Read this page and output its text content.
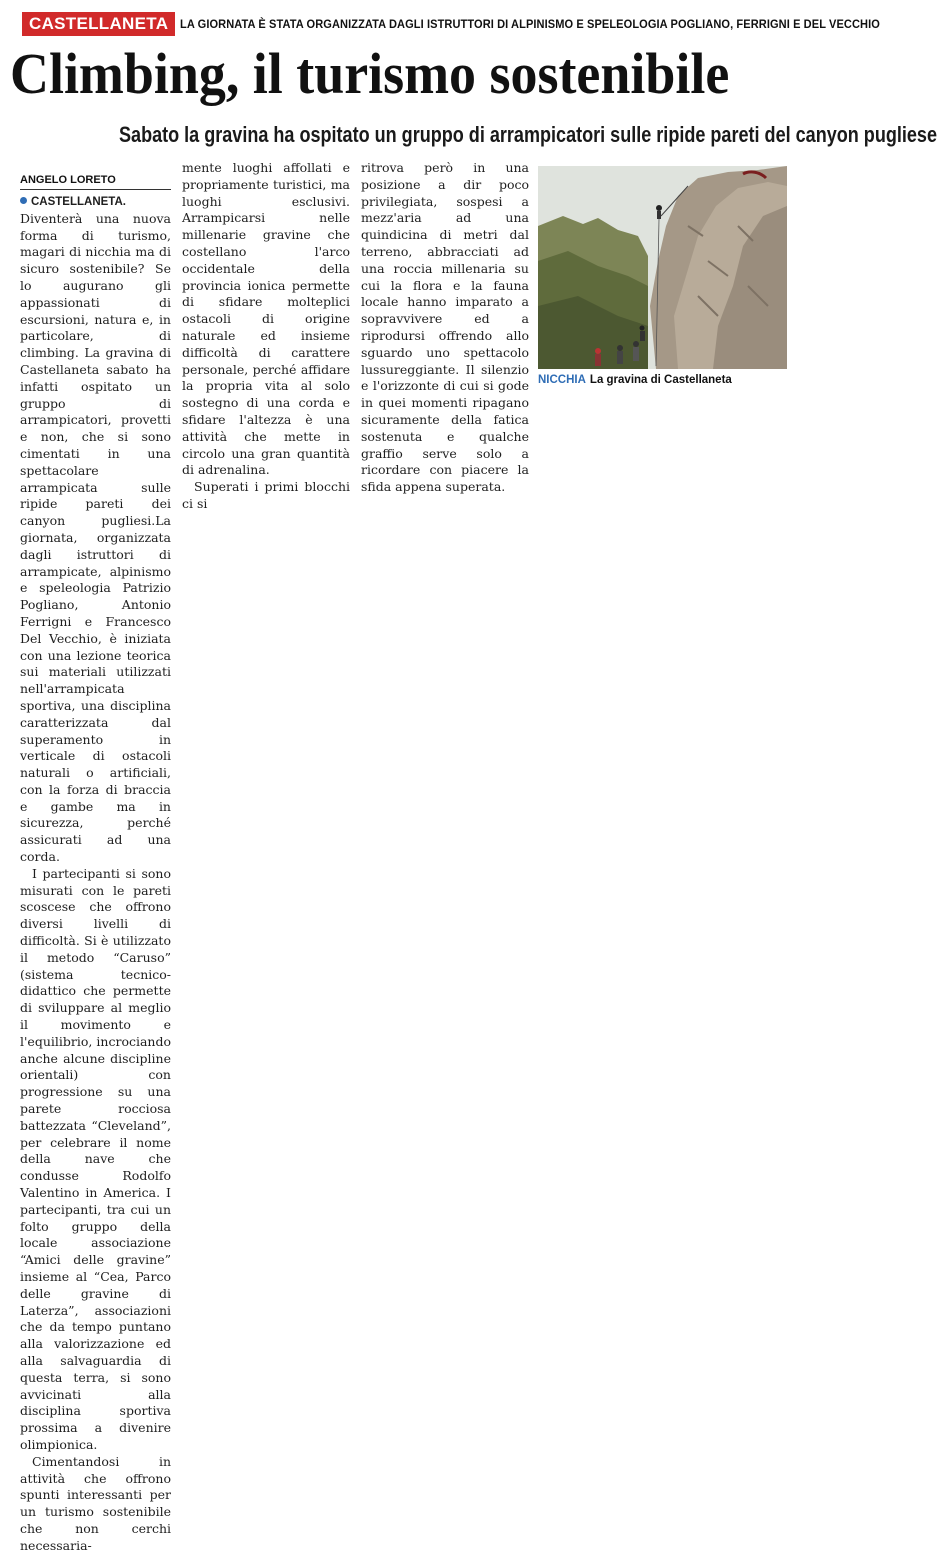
CASTELLANETA LA GIORNATA È STATA ORGANIZZATA DAGLI ISTRUTTORI DI ALPINISMO E SPELEOLOGIA POGLIANO, FERRIGNI E DEL VECCHIO
Climbing, il turismo sostenibile
Sabato la gravina ha ospitato un gruppo di arrampicatori sulle ripide pareti del canyon pugliese
ANGELO LORETO

CASTELLANETA. Diventerà una nuova forma di turismo, magari di nicchia ma di sicuro sostenibile? Se lo augurano gli appassionati di escursioni, natura e, in particolare, di climbing. La gravina di Castellaneta sabato ha infatti ospitato un gruppo di arrampicatori, provetti e non, che si sono cimentati in una spettacolare arrampicata sulle ripide pareti dei canyon pugliesi.La giornata, organizzata dagli istruttori di arrampicate, alpinismo e speleologia Patrizio Pogliano, Antonio Ferrigni e Francesco Del Vecchio, è iniziata con una lezione teorica sui materiali utilizzati nell'arrampicata sportiva, una disciplina caratterizzata dal superamento in verticale di ostacoli naturali o artificiali, con la forza di braccia e gambe ma in sicurezza, perché assicurati ad una corda.

I partecipanti si sono misurati con le pareti scoscese che offrono diversi livelli di difficoltà. Si è utilizzato il metodo “Caruso” (sistema tecnico-didattico che permette di sviluppare al meglio il movimento e l'equilibrio, incrociando anche alcune discipline orientali) con progressione su una parete rocciosa battezzata “Cleveland”, per celebrare il nome della nave che condusse Rodolfo Valentino in America. I partecipanti, tra cui un folto gruppo della locale associazione “Amici delle gravine” insieme al “Cea, Parco delle gravine di Laterza”, associazioni che da tempo puntano alla valorizzazione ed alla salvaguardia di questa terra, si sono avvicinati alla disciplina sportiva prossima a divenire olimpionica.

Cimentandosi in attività che offrono spunti interessanti per un turismo sostenibile che non cerchi necessaria-

mente luoghi affollati e propriamente turistici, ma luoghi esclusivi. Arrampicarsi nelle millenarie gravine che costellano l'arco occidentale della provincia ionica permette di sfidare molteplici ostacoli di origine naturale ed insieme difficoltà di carattere personale, perché affidare la propria vita al solo sostegno di una corda e sfidare l'altezza è una attività che mette in circolo una gran quantità di adrenalina.

Superati i primi blocchi ci si

ritrova però in una posizione a dir poco privilegiata, sospesi a mezz'aria ad una quindicina di metri dal terreno, abbracciati ad una roccia millenaria su cui la flora e la fauna locale hanno imparato a sopravvivere ed a riprodursi offrendo allo sguardo uno spettacolo lussureggiante. Il silenzio e l'orizzonte di cui si gode in quei momenti ripagano sicuramente della fatica sostenuta e qualche graffio serve solo a ricordare con piacere la sfida appena superata.

NICCHIA La gravina di Castellaneta
